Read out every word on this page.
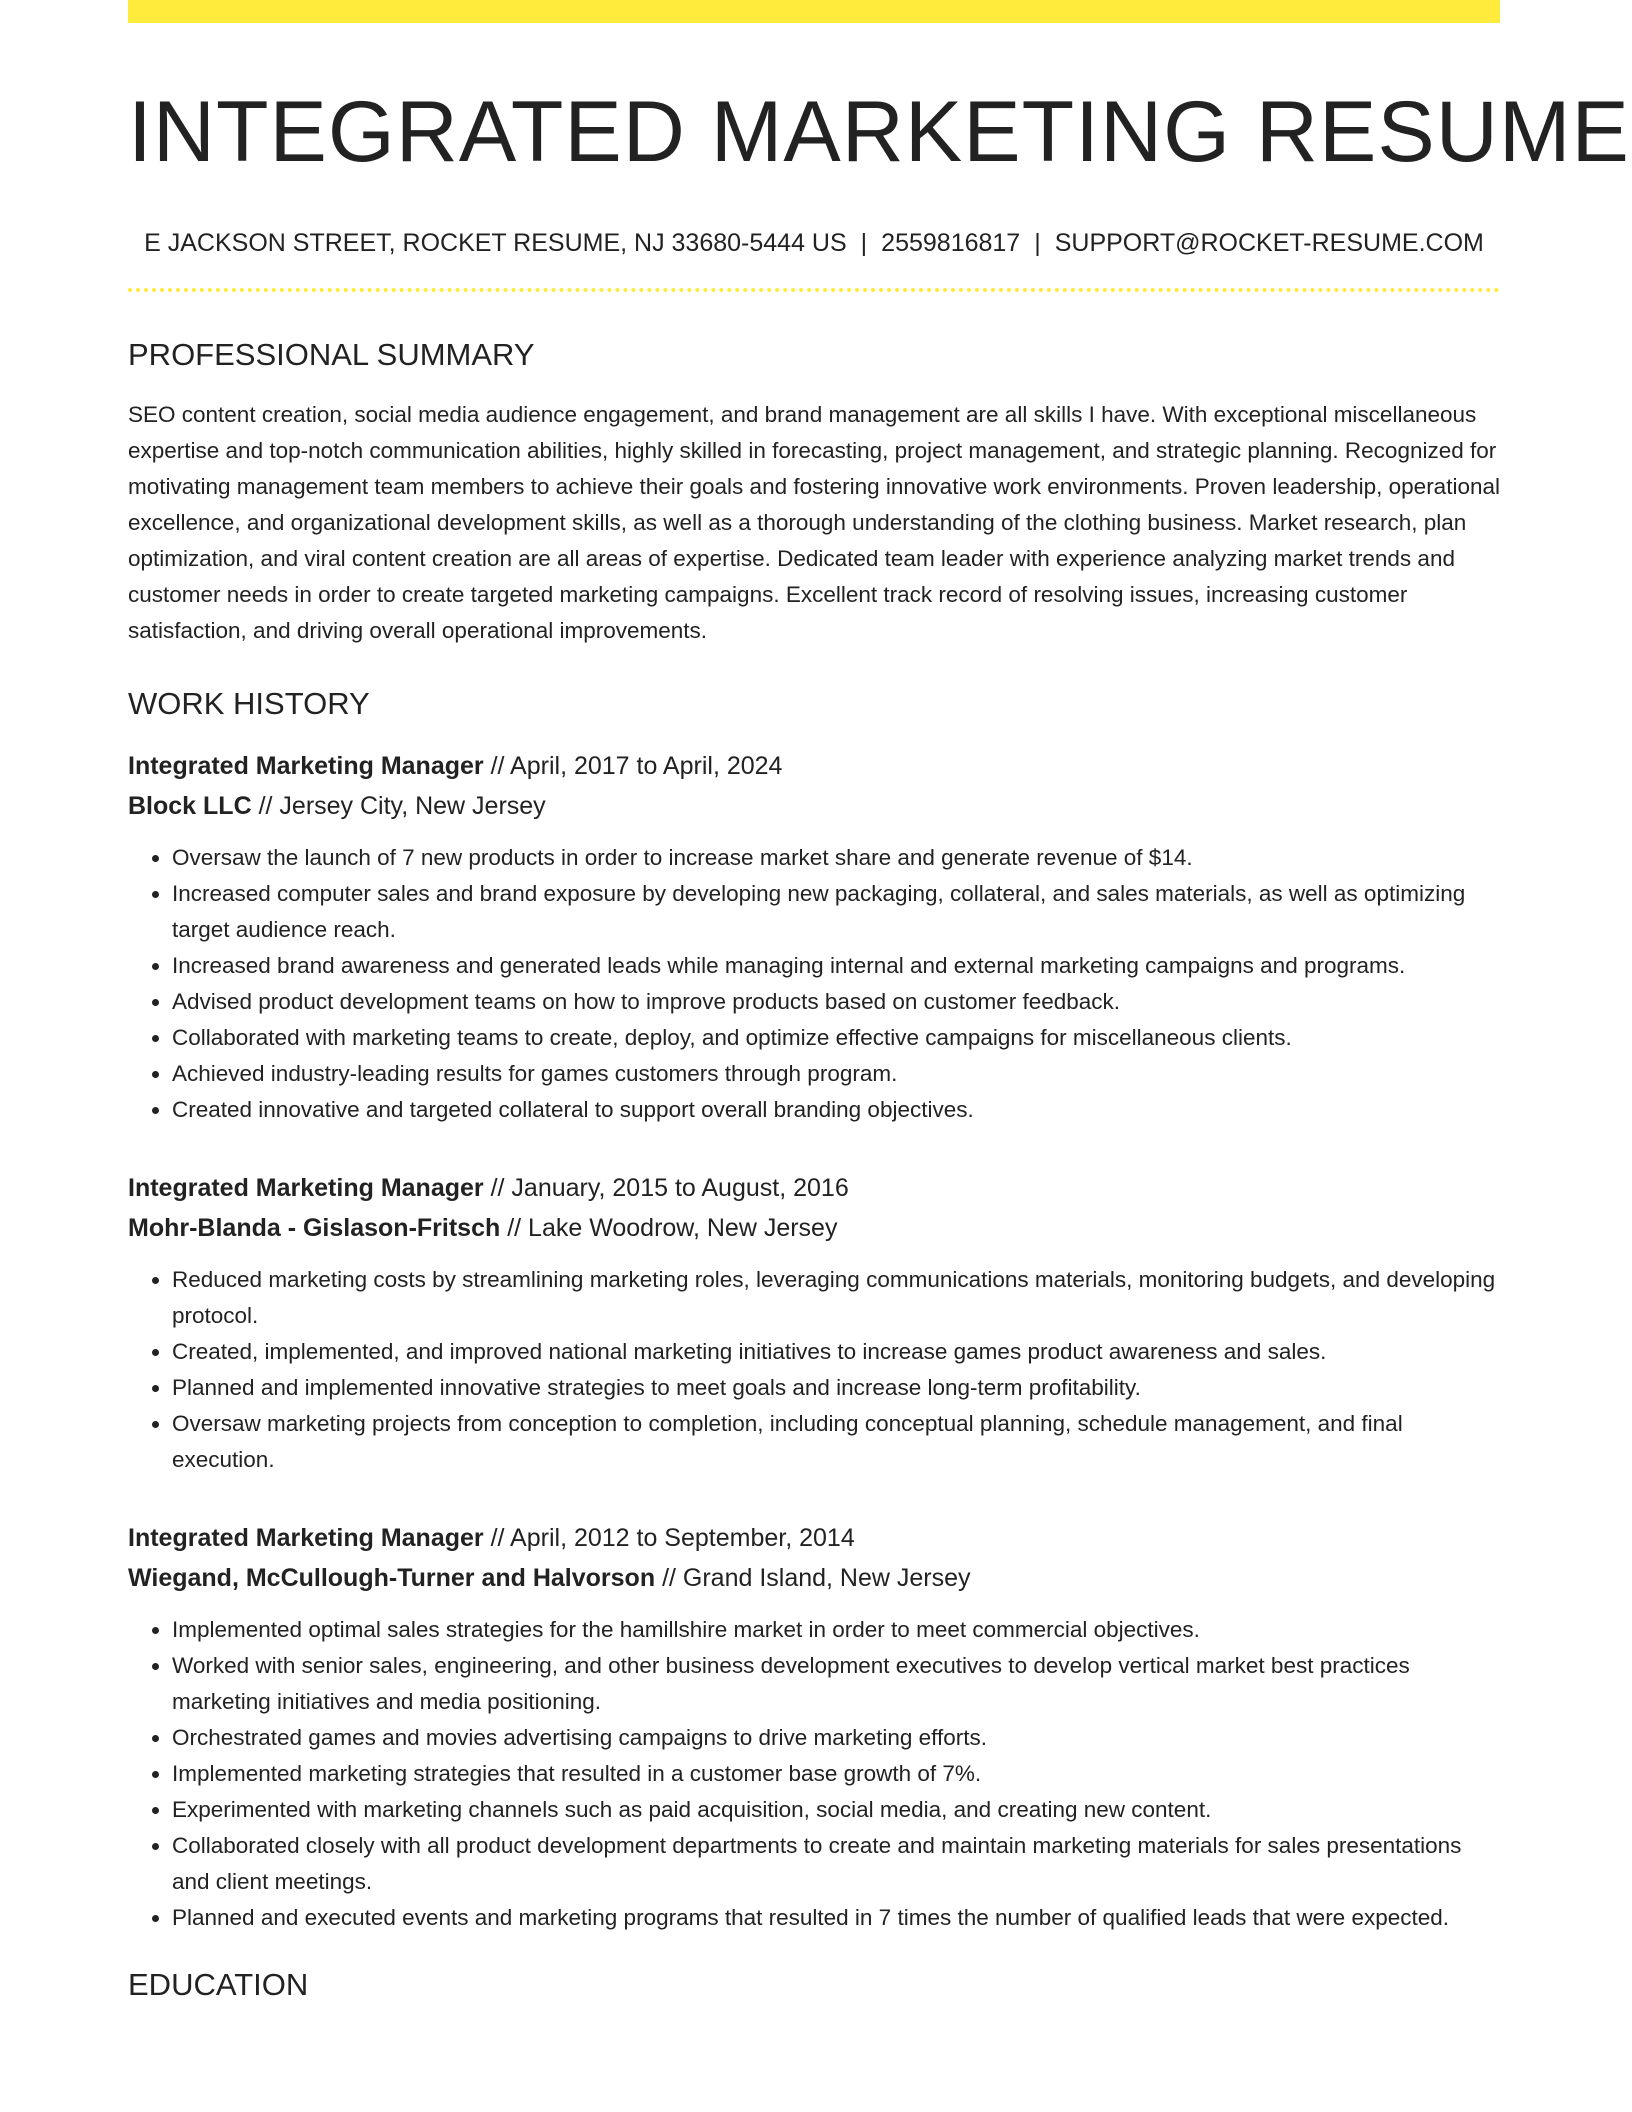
INTEGRATED MARKETING RESUME
E JACKSON STREET, ROCKET RESUME, NJ 33680-5444 US | 2559816817 | SUPPORT@ROCKET-RESUME.COM
PROFESSIONAL SUMMARY

SEO content creation, social media audience engagement, and brand management are all skills I have. With exceptional miscellaneous expertise and top-notch communication abilities, highly skilled in forecasting, project management, and strategic planning. Recognized for motivating management team members to achieve their goals and fostering innovative work environments. Proven leadership, operational excellence, and organizational development skills, as well as a thorough understanding of the clothing business. Market research, plan optimization, and viral content creation are all areas of expertise. Dedicated team leader with experience analyzing market trends and customer needs in order to create targeted marketing campaigns. Excellent track record of resolving issues, increasing customer satisfaction, and driving overall operational improvements.

WORK HISTORY
Integrated Marketing Manager // April, 2017 to April, 2024
Block LLC // Jersey City, New Jersey
• Oversaw the launch of 7 new products in order to increase market share and generate revenue of $14.
• Increased computer sales and brand exposure by developing new packaging, collateral, and sales materials, as well as optimizing target audience reach.
• Increased brand awareness and generated leads while managing internal and external marketing campaigns and programs.
• Advised product development teams on how to improve products based on customer feedback.
• Collaborated with marketing teams to create, deploy, and optimize effective campaigns for miscellaneous clients.
• Achieved industry-leading results for games customers through program.
• Created innovative and targeted collateral to support overall branding objectives.
Integrated Marketing Manager // January, 2015 to August, 2016
Mohr-Blanda - Gislason-Fritsch // Lake Woodrow, New Jersey
• Reduced marketing costs by streamlining marketing roles, leveraging communications materials, monitoring budgets, and developing protocol.
• Created, implemented, and improved national marketing initiatives to increase games product awareness and sales.
• Planned and implemented innovative strategies to meet goals and increase long-term profitability.
• Oversaw marketing projects from conception to completion, including conceptual planning, schedule management, and final execution.
Integrated Marketing Manager // April, 2012 to September, 2014
Wiegand, McCullough-Turner and Halvorson // Grand Island, New Jersey
• Implemented optimal sales strategies for the hamillshire market in order to meet commercial objectives.
• Worked with senior sales, engineering, and other business development executives to develop vertical market best practices marketing initiatives and media positioning.
• Orchestrated games and movies advertising campaigns to drive marketing efforts.
• Implemented marketing strategies that resulted in a customer base growth of 7%.
• Experimented with marketing channels such as paid acquisition, social media, and creating new content.
• Collaborated closely with all product development departments to create and maintain marketing materials for sales presentations and client meetings.
• Planned and executed events and marketing programs that resulted in 7 times the number of qualified leads that were expected.
EDUCATION
